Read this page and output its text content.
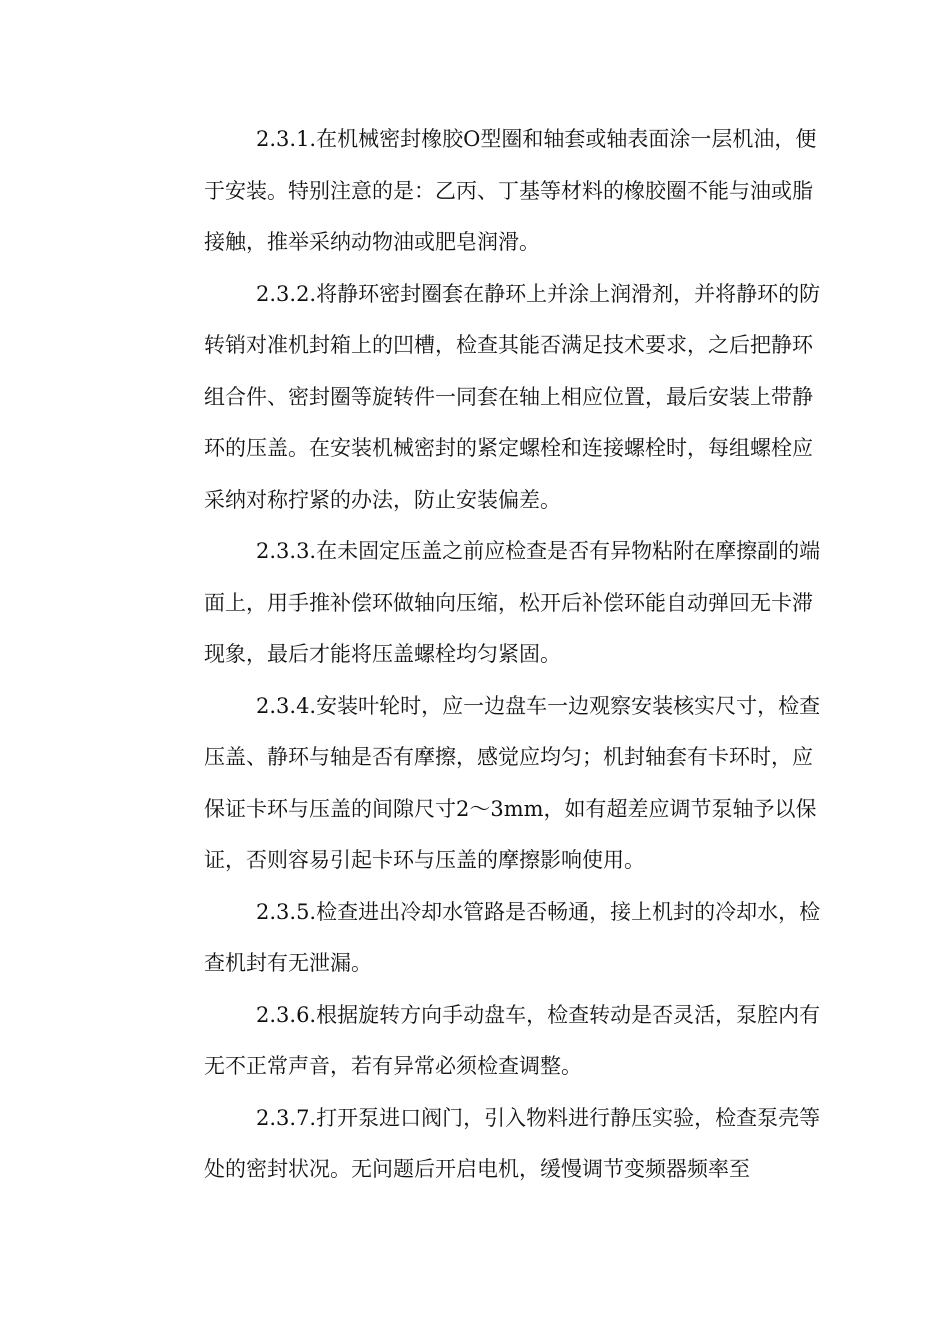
2.3.1.在机械密封橡胶O型圈和轴套或轴表面涂一层机油，便
于安装。特别注意的是：乙丙、丁基等材料的橡胶圈不能与油或脂
接触，推举采纳动物油或肥皂润滑。
2.3.2.将静环密封圈套在静环上并涂上润滑剂，并将静环的防
转销对准机封箱上的凹槽，检查其能否满足技术要求，之后把静环
组合件、密封圈等旋转件一同套在轴上相应位置，最后安装上带静
环的压盖。在安装机械密封的紧定螺栓和连接螺栓时，每组螺栓应
采纳对称拧紧的办法，防止安装偏差。
2.3.3.在未固定压盖之前应检查是否有异物粘附在摩擦副的端
面上，用手推补偿环做轴向压缩，松开后补偿环能自动弹回无卡滞
现象，最后才能将压盖螺栓均匀紧固。
2.3.4.安装叶轮时，应一边盘车一边观察安装核实尺寸，检查
压盖、静环与轴是否有摩擦，感觉应均匀；机封轴套有卡环时，应
保证卡环与压盖的间隙尺寸2～3mm，如有超差应调节泵轴予以保
证，否则容易引起卡环与压盖的摩擦影响使用。
2.3.5.检查进出冷却水管路是否畅通，接上机封的冷却水，检
查机封有无泄漏。
2.3.6.根据旋转方向手动盘车，检查转动是否灵活，泵腔内有
无不正常声音，若有异常必须检查调整。
2.3.7.打开泵进口阀门，引入物料进行静压实验，检查泵壳等
处的密封状况。无问题后开启电机，缓慢调节变频器频率至
